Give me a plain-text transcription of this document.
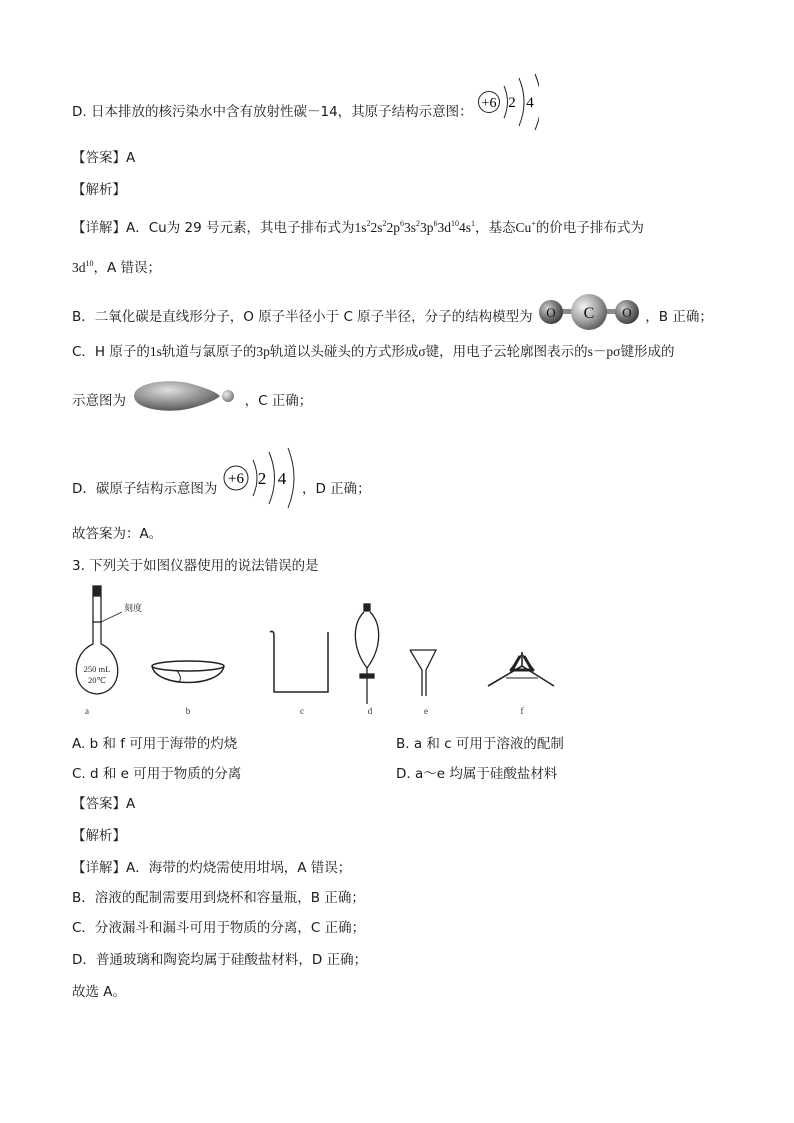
D. 日本排放的核污染水中含有放射性碳－14，其原子结构示意图：
+6 2 4
【答案】A
【解析】
【详解】A．Cu为 29 号元素，其电子排布式为$1s^22s^22p^63s^23p^63d^{10}4s^1$，基态Cu+的价电子排布式为
$3d^{10}$，A 错误；
B．二氧化碳是直线形分子，O 原子半径小于 C 原子半径，分子的结构模型为 O C O ，B 正确；
C．H 原子的1s轨道与氯原子的3p轨道以头碰头的方式形成σ键，用电子云轮廓图表示的s－pσ键形成的
示意图为	，C 正确；
D．碳原子结构示意图为
+6 2 4
，D 正确；
故答案为：A。
3. 下列关于如图仪器使用的说法错误的是
刻度
250 mL
20℃
a	b	c	d	e	f
A. b 和 f 可用于海带的灼烧	B. a 和 c 可用于溶液的配制
C. d 和 e 可用于物质的分离	D. a～e 均属于硅酸盐材料
【答案】A
【解析】
【详解】A．海带的灼烧需使用坩埚，A 错误；
B．溶液的配制需要用到烧杯和容量瓶，B 正确；
C．分液漏斗和漏斗可用于物质的分离，C 正确；
D．普通玻璃和陶瓷均属于硅酸盐材料，D 正确；
故选 A。
